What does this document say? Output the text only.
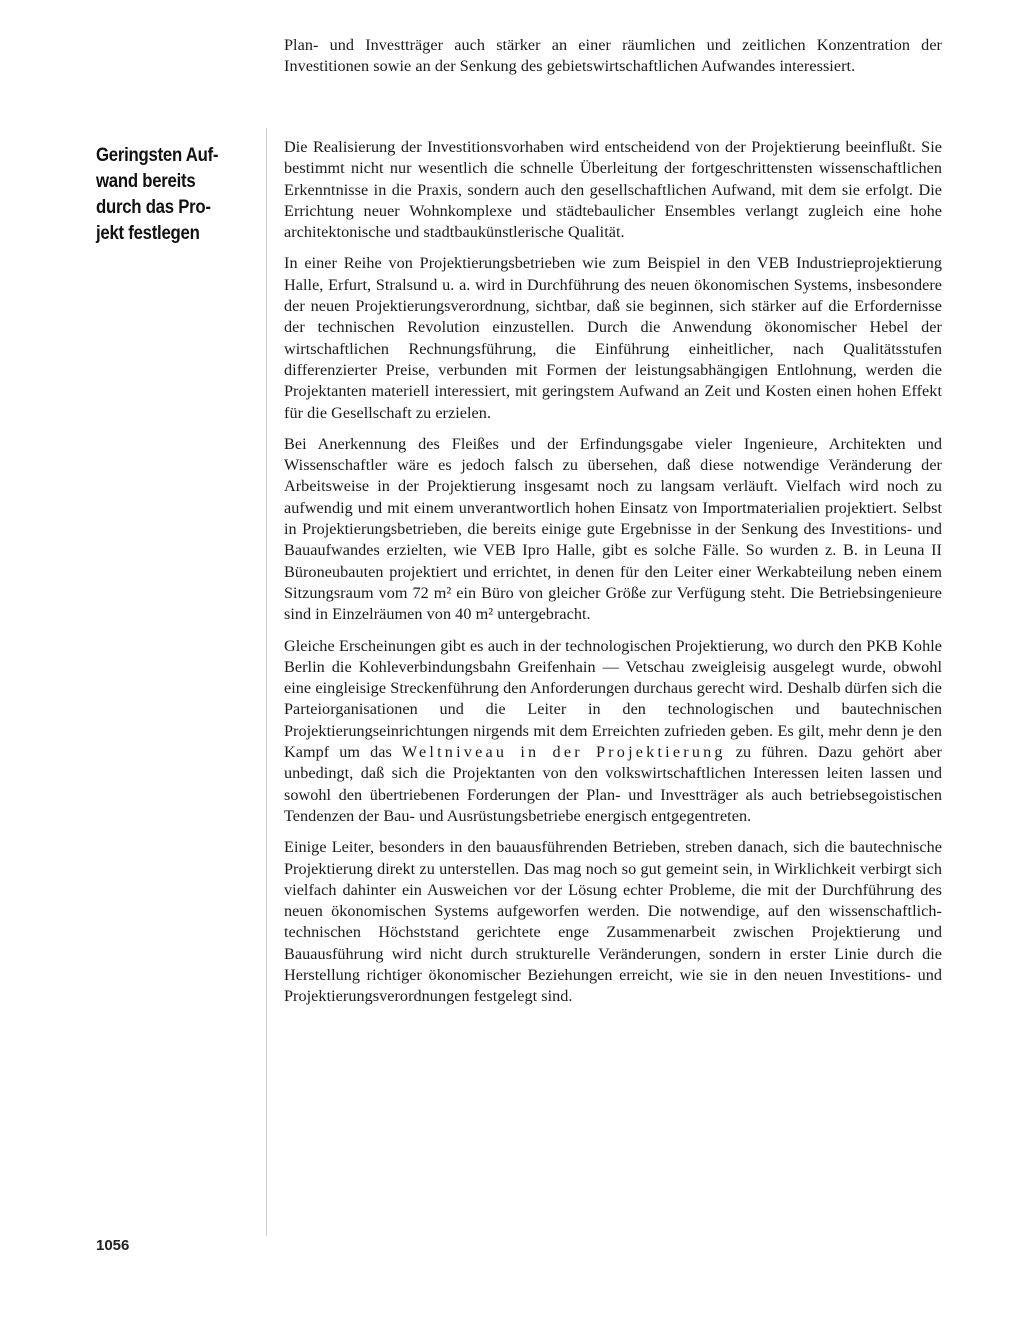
Plan- und Investträger auch stärker an einer räumlichen und zeitlichen Konzentration der Investitionen sowie an der Senkung des gebietswirtschaftlichen Aufwandes interessiert.

Geringsten Auf-
wand bereits
durch das Pro-
jekt festlegen

Die Realisierung der Investitionsvorhaben wird entscheidend von der Projektierung beeinflußt. Sie bestimmt nicht nur wesentlich die schnelle Überleitung der fortgeschrittensten wissenschaftlichen Erkenntnisse in die Praxis, sondern auch den gesellschaftlichen Aufwand, mit dem sie erfolgt. Die Errichtung neuer Wohnkomplexe und städtebaulicher Ensembles verlangt zugleich eine hohe architektonische und stadtbaukünstlerische Qualität.

In einer Reihe von Projektierungsbetrieben wie zum Beispiel in den VEB Industrieprojektierung Halle, Erfurt, Stralsund u. a. wird in Durchführung des neuen ökonomischen Systems, insbesondere der neuen Projektierungsverordnung, sichtbar, daß sie beginnen, sich stärker auf die Erfordernisse der technischen Revolution einzustellen. Durch die Anwendung ökonomischer Hebel der wirtschaftlichen Rechnungsführung, die Einführung einheitlicher, nach Qualitätsstufen differenzierter Preise, verbunden mit Formen der leistungsabhängigen Entlohnung, werden die Projektanten materiell interessiert, mit geringstem Aufwand an Zeit und Kosten einen hohen Effekt für die Gesellschaft zu erzielen.

Bei Anerkennung des Fleißes und der Erfindungsgabe vieler Ingenieure, Architekten und Wissenschaftler wäre es jedoch falsch zu übersehen, daß diese notwendige Veränderung der Arbeitsweise in der Projektierung insgesamt noch zu langsam verläuft. Vielfach wird noch zu aufwendig und mit einem unverantwortlich hohen Einsatz von Importmaterialien projektiert. Selbst in Projektierungsbetrieben, die bereits einige gute Ergebnisse in der Senkung des Investitions- und Bauaufwandes erzielten, wie VEB Ipro Halle, gibt es solche Fälle. So wurden z. B. in Leuna II Büroneubauten projektiert und errichtet, in denen für den Leiter einer Werkabteilung neben einem Sitzungsraum vom 72 m² ein Büro von gleicher Größe zur Verfügung steht. Die Betriebsingenieure sind in Einzelräumen von 40 m² untergebracht.

Gleiche Erscheinungen gibt es auch in der technologischen Projektierung, wo durch den PKB Kohle Berlin die Kohleverbindungsbahn Greifenhain — Vetschau zweigleisig ausgelegt wurde, obwohl eine eingleisige Streckenführung den Anforderungen durchaus gerecht wird. Deshalb dürfen sich die Parteiorganisationen und die Leiter in den technologischen und bautechnischen Projektierungseinrichtungen nirgends mit dem Erreichten zufrieden geben. Es gilt, mehr denn je den Kampf um das Weltniveau in der Projektierung zu führen. Dazu gehört aber unbedingt, daß sich die Projektanten von den volkswirtschaftlichen Interessen leiten lassen und sowohl den übertriebenen Forderungen der Plan- und Investträger als auch betriebsegoistischen Tendenzen der Bau- und Ausrüstungsbetriebe energisch entgegentreten.

Einige Leiter, besonders in den bauausführenden Betrieben, streben danach, sich die bautechnische Projektierung direkt zu unterstellen. Das mag noch so gut gemeint sein, in Wirklichkeit verbirgt sich vielfach dahinter ein Ausweichen vor der Lösung echter Probleme, die mit der Durchführung des neuen ökonomischen Systems aufgeworfen werden. Die notwendige, auf den wissenschaftlich-technischen Höchststand gerichtete enge Zusammenarbeit zwischen Projektierung und Bauausführung wird nicht durch strukturelle Veränderungen, sondern in erster Linie durch die Herstellung richtiger ökonomischer Beziehungen erreicht, wie sie in den neuen Investitions- und Projektierungsverordnungen festgelegt sind.

1056
